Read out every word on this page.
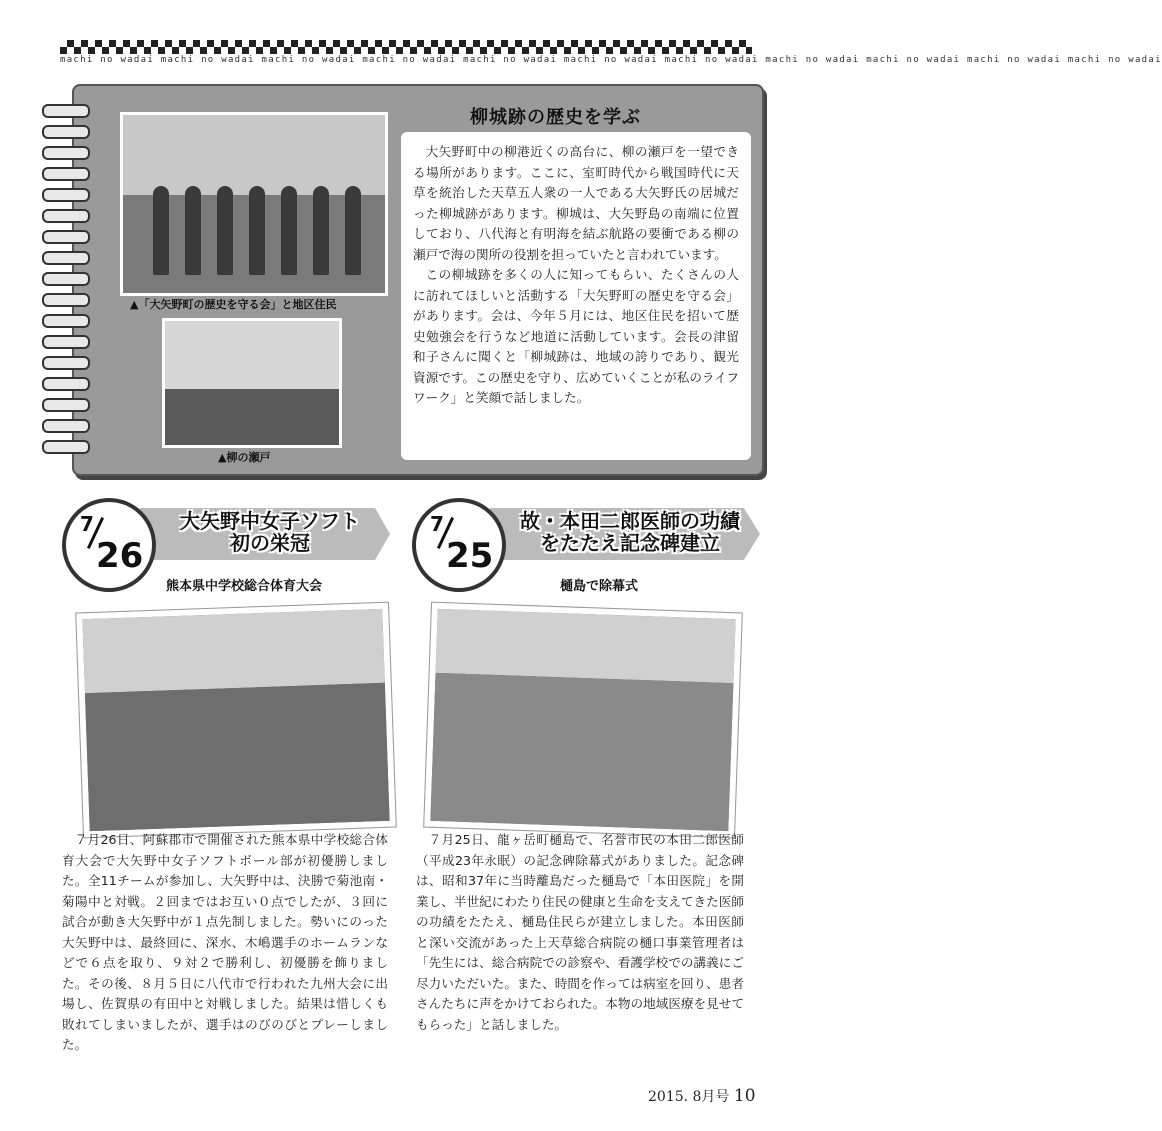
machi no wadai machi no wadai machi no wadai machi no wadai machi no wadai machi no wadai machi no wadai machi no wadai machi no wadai machi no wadai machi no wadai
▲「大矢野町の歴史を守る会」と地区住民
▲柳の瀬戸
柳城跡の歴史を学ぶ

大矢野町中の柳港近くの高台に、柳の瀬戸を一望できる場所があります。ここに、室町時代から戦国時代に天草を統治した天草五人衆の一人である大矢野氏の居城だった柳城跡があります。柳城は、大矢野島の南端に位置しており、八代海と有明海を結ぶ航路の要衝である柳の瀬戸で海の関所の役割を担っていたと言われています。

この柳城跡を多くの人に知ってもらい、たくさんの人に訪れてほしいと活動する「大矢野町の歴史を守る会」があります。会は、今年５月には、地区住民を招いて歴史勉強会を行うなど地道に活動しています。会長の津留和子さんに聞くと「柳城跡は、地域の誇りであり、観光資源です。この歴史を守り、広めていくことが私のライフワーク」と笑顔で話しました。

7
26
大矢野中女子ソフト
初の栄冠
熊本県中学校総合体育大会
７月26日、阿蘇郡市で開催された熊本県中学校総合体育大会で大矢野中女子ソフトボール部が初優勝しました。全11チームが参加し、大矢野中は、決勝で菊池南・菊陽中と対戦。２回まではお互い０点でしたが、３回に試合が動き大矢野中が１点先制しました。勢いにのった大矢野中は、最終回に、深水、木嶋選手のホームランなどで６点を取り、９対２で勝利し、初優勝を飾りました。その後、８月５日に八代市で行われた九州大会に出場し、佐賀県の有田中と対戦しました。結果は惜しくも敗れてしまいましたが、選手はのびのびとプレーしました。
7
25
故・本田二郎医師の功績
をたたえ記念碑建立
樋島で除幕式
７月25日、龍ヶ岳町樋島で、名誉市民の本田二郎医師（平成23年永眠）の記念碑除幕式がありました。記念碑は、昭和37年に当時離島だった樋島で「本田医院」を開業し、半世紀にわたり住民の健康と生命を支えてきた医師の功績をたたえ、樋島住民らが建立しました。本田医師と深い交流があった上天草総合病院の樋口事業管理者は「先生には、総合病院での診察や、看護学校での講義にご尽力いただいた。また、時間を作っては病室を回り、患者さんたちに声をかけておられた。本物の地域医療を見せてもらった」と話しました。
2015. 8月号 10
